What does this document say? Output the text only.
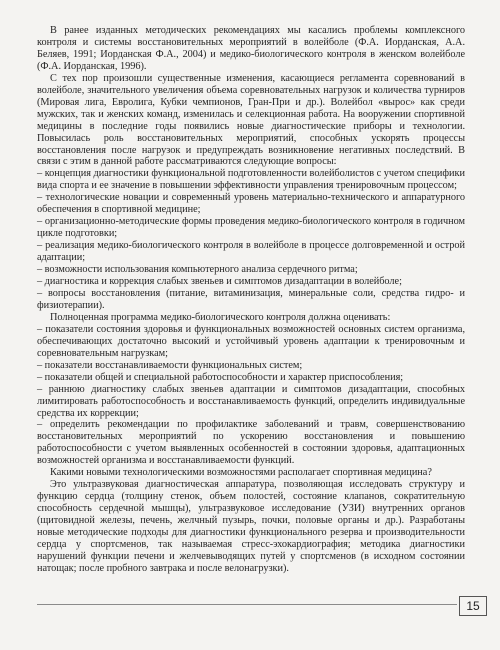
В ранее изданных методических рекомендациях мы касались проблемы комплексного контроля и системы восстановительных мероприятий в волейболе (Ф.А. Иорданская, А.А. Беляев, 1991; Иорданская Ф.А., 2004) и медико-биологического контроля в женском волейболе (Ф.А. Иорданская, 1996).

С тех пор произошли существенные изменения, касающиеся регламента соревнований в волейболе, значительного увеличения объема соревновательных нагрузок и количества турниров (Мировая лига, Евролига, Кубки чемпионов, Гран-При и др.). Волейбол «вырос» как среди мужских, так и женских команд, изменилась и селекционная работа. На вооружении спортивной медицины в последние годы появились новые диагностические приборы и технологии. Повысилась роль восстановительных мероприятий, способных ускорять процессы восстановления после нагрузок и предупреждать возникновение негативных последствий. В связи с этим в данной работе рассматриваются следующие вопросы:

– концепция диагностики функциональной подготовленности волейболистов с учетом специфики вида спорта и ее значение в повышении эффективности управления тренировочным процессом;

– технологические новации и современный уровень материально-технического и аппаратурного обеспечения в спортивной медицине;

– организационно-методические формы проведения медико-биологического контроля в годичном цикле подготовки;

– реализация медико-биологического контроля в волейболе в процессе долговременной и острой адаптации;

– возможности использования компьютерного анализа сердечного ритма;

– диагностика и коррекция слабых звеньев и симптомов дизадаптации в волейболе;

– вопросы восстановления (питание, витаминизация, минеральные соли, средства гидро- и физиотерапии).

Полноценная программа медико-биологического контроля должна оценивать:

– показатели состояния здоровья и функциональных возможностей основных систем организма, обеспечивающих достаточно высокий и устойчивый уровень адаптации к тренировочным и соревновательным нагрузкам;

– показатели восстанавливаемости функциональных систем;

– показатели общей и специальной работоспособности и характер приспособления;

– раннюю диагностику слабых звеньев адаптации и симптомов дизадаптации, способных лимитировать работоспособность и восстанавливаемость функций, определить индивидуальные средства их коррекции;

– определить рекомендации по профилактике заболеваний и травм, совершенствованию восстановительных мероприятий по ускорению восстановления и повышению работоспособности с учетом выявленных особенностей в состоянии здоровья, адаптационных возможностей организма и восстанавливаемости функций.

Какими новыми технологическими возможностями располагает спортивная медицина?

Это ультразвуковая диагностическая аппаратура, позволяющая исследовать структуру и функцию сердца (толщину стенок, объем полостей, состояние клапанов, сократительную способность сердечной мышцы), ультразвуковое исследование (УЗИ) внутренних органов (щитовидной железы, печень, желчный пузырь, почки, половые органы и др.). Разработаны новые методические подходы для диагностики функционального резерва и производительности сердца у спортсменов, так называемая стресс-эхокардиография; методика диагностики нарушений функции печени и желчевыводящих путей у спортсменов (в исходном состоянии натощак; после пробного завтрака и после велонагрузки).

15
